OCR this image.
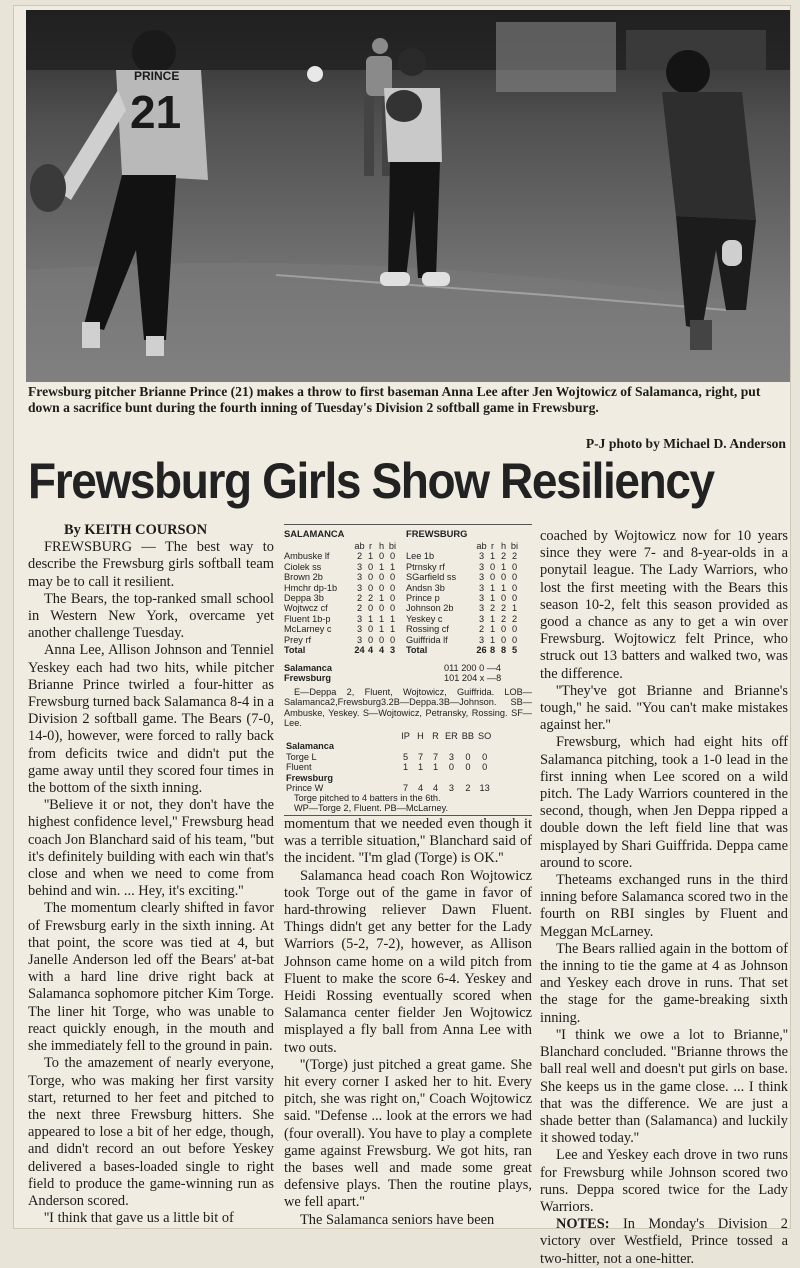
21
PRINCE
Frewsburg pitcher Brianne Prince (21) makes a throw to first baseman Anna Lee after Jen Wojtowicz of Salamanca, right, put down a sacrifice bunt during the fourth inning of Tuesday's Division 2 softball game in Frewsburg.
P-J photo by Michael D. Anderson
Frewsburg Girls Show Resiliency

By KEITH COURSON

FREWSBURG — The best way to describe the Frewsburg girls softball team may be to call it resilient.

The Bears, the top-ranked small school in Western New York, overcame yet another challenge Tuesday.

Anna Lee, Allison Johnson and Tenniel Yeskey each had two hits, while pitcher Brianne Prince twirled a four-hitter as Frewsburg turned back Salamanca 8-4 in a Division 2 softball game. The Bears (7-0, 14-0), however, were forced to rally back from deficits twice and didn't put the game away until they scored four times in the bottom of the sixth inning.

''Believe it or not, they don't have the highest confidence level,'' Frewsburg head coach Jon Blanchard said of his team, ''but it's definitely building with each win that's close and when we need to come from behind and win. ... Hey, it's exciting.''

The momentum clearly shifted in favor of Frewsburg early in the sixth inning. At that point, the score was tied at 4, but Janelle Anderson led off the Bears' at-bat with a hard line drive right back at Salamanca sophomore pitcher Kim Torge. The liner hit Torge, who was unable to react quickly enough, in the mouth and she immediately fell to the ground in pain.

To the amazement of nearly everyone, Torge, who was making her first varsity start, returned to her feet and pitched to the next three Frewsburg hitters. She appeared to lose a bit of her edge, though, and didn't record an out before Yeskey delivered a bases-loaded single to right field to produce the game-winning run as Anderson scored.

''I think that gave us a little bit of

SALAMANCA	FREWSBURG
	ab	r	h	bi			ab	r	h	bi
Ambuske lf	2	1	0	0		Lee 1b	3	1	2	2
Ciolek ss	3	0	1	1		Ptrnsky rf	3	0	1	0
Brown 2b	3	0	0	0		SGarfield ss	3	0	0	0
Hmchr dp-1b	3	0	0	0		Andsn 3b	3	1	1	0
Deppa 3b	2	2	1	0		Prince p	3	1	0	0
Wojtwcz cf	2	0	0	0		Johnson 2b	3	2	2	1
Fluent 1b-p	3	1	1	1		Yeskey c	3	1	2	2
McLarney c	3	0	1	1		Rossing cf	2	1	0	0
Prey rf	3	0	0	0		Guiffrida lf	3	1	0	0
Total	24	4	4	3		Total	26	8	8	5
Salamanca	011 200 0 —4
Frewsburg	101 204 x —8
E—Deppa 2, Fluent, Wojtowicz, Guiffrida. LOB—Salamanca2,Frewsburg3.2B—Deppa.3B—Johnson. SB—Ambuske, Yeskey. S—Wojtowicz, Petransky, Rossing. SF—Lee.
	IP	H	R	ER	BB	SO
Salamanca						
Torge L	5	7	7	3	0	0
Fluent	1	1	1	0	0	0
Frewsburg						
Prince W	7	4	4	3	2	13
Torge pitched to 4 batters in the 6th.
WP—Torge 2, Fluent. PB—McLarney.

momentum that we needed even though it was a terrible situation,'' Blanchard said of the incident. ''I'm glad (Torge) is OK.''

Salamanca head coach Ron Wojtowicz took Torge out of the game in favor of hard-throwing reliever Dawn Fluent. Things didn't get any better for the Lady Warriors (5-2, 7-2), however, as Allison Johnson came home on a wild pitch from Fluent to make the score 6-4. Yeskey and Heidi Rossing eventually scored when Salamanca center fielder Jen Wojtowicz misplayed a fly ball from Anna Lee with two outs.

''(Torge) just pitched a great game. She hit every corner I asked her to hit. Every pitch, she was right on,'' Coach Wojtowicz said. ''Defense ... look at the errors we had (four overall). You have to play a complete game against Frewsburg. We got hits, ran the bases well and made some great defensive plays. Then the routine plays, we fell apart.''

The Salamanca seniors have been

coached by Wojtowicz now for 10 years since they were 7- and 8-year-olds in a ponytail league. The Lady Warriors, who lost the first meeting with the Bears this season 10-2, felt this season provided as good a chance as any to get a win over Frewsburg. Wojtowicz felt Prince, who struck out 13 batters and walked two, was the difference.

''They've got Brianne and Brianne's tough,'' he said. ''You can't make mistakes against her.''

Frewsburg, which had eight hits off Salamanca pitching, took a 1-0 lead in the first inning when Lee scored on a wild pitch. The Lady Warriors countered in the second, though, when Jen Deppa ripped a double down the left field line that was misplayed by Shari Guiffrida. Deppa came around to score.

Theteams exchanged runs in the third inning before Salamanca scored two in the fourth on RBI singles by Fluent and Meggan McLarney.

The Bears rallied again in the bottom of the inning to tie the game at 4 as Johnson and Yeskey each drove in runs. That set the stage for the game-breaking sixth inning.

''I think we owe a lot to Brianne,'' Blanchard concluded. ''Brianne throws the ball real well and doesn't put girls on base. She keeps us in the game close. ... I think that was the difference. We are just a shade better than (Salamanca) and luckily it showed today.''

Lee and Yeskey each drove in two runs for Frewsburg while Johnson scored two runs. Deppa scored twice for the Lady Warriors.

NOTES: In Monday's Division 2 victory over Westfield, Prince tossed a two-hitter, not a one-hitter.
